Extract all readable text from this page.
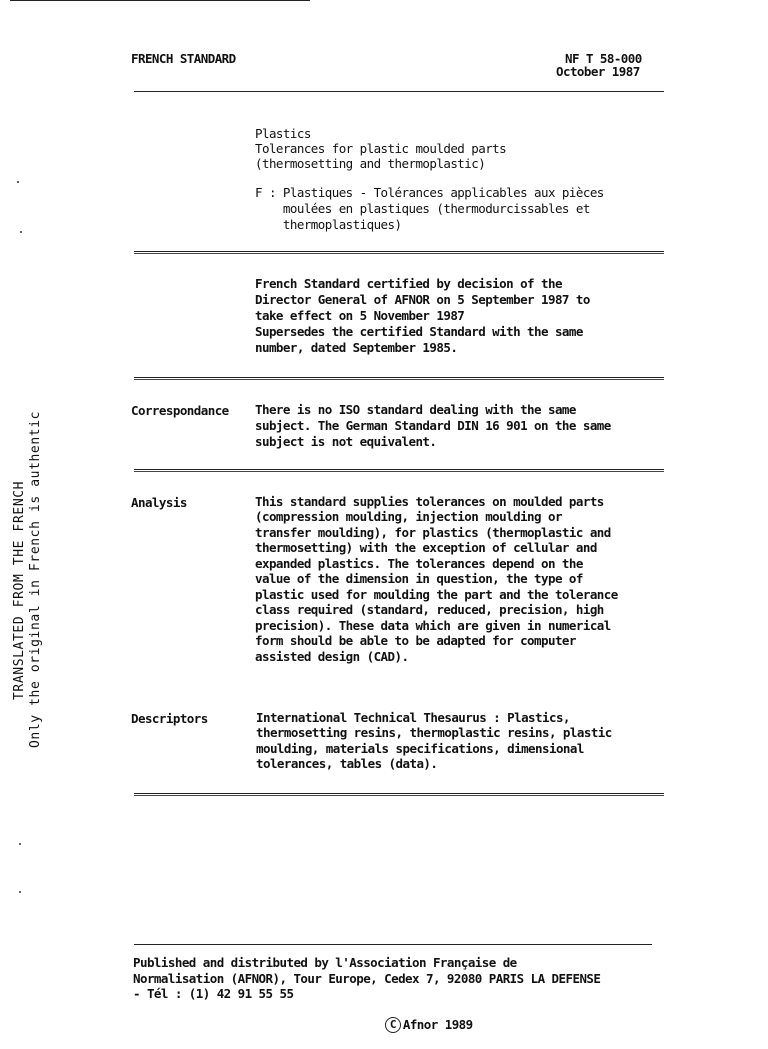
FRENCH STANDARD	NF T 58-000
October 1987
Plastics
Tolerances for plastic moulded parts
(thermosetting and thermoplastic)
F : Plastiques - Tolérances applicables aux pièces
moulées en plastiques (thermodurcissables et
thermoplastiques)
French Standard certified by decision of the
Director General of AFNOR on 5 September 1987 to
take effect on 5 November 1987
Supersedes the certified Standard with the same
number, dated September 1985.
Correspondance There is no ISO standard dealing with the same
subject. The German Standard DIN 16 901 on the same
subject is not equivalent.
Analysis	This standard supplies tolerances on moulded parts
(compression moulding, injection moulding or
transfer moulding), for plastics (thermoplastic and
thermosetting) with the exception of cellular and
expanded plastics. The tolerances depend on the
value of the dimension in question, the type of
plastic used for moulding the part and the tolerance
class required (standard, reduced, precision, high
precision). These data which are given in numerical
form should be able to be adapted for computer
assisted design (CAD).
Descriptors	International Technical Thesaurus : Plastics,
thermosetting resins, thermoplastic resins, plastic
moulding, materials specifications, dimensional
tolerances, tables (data).
Published and distributed by l'Association Française de
Normalisation (AFNOR), Tour Europe, Cedex 7, 92080 PARIS LA DEFENSE
- Tél : (1) 42 91 55 55

C Afnor 1989

TRANSLATED FROM THE FRENCH Only the original in French is authentic
